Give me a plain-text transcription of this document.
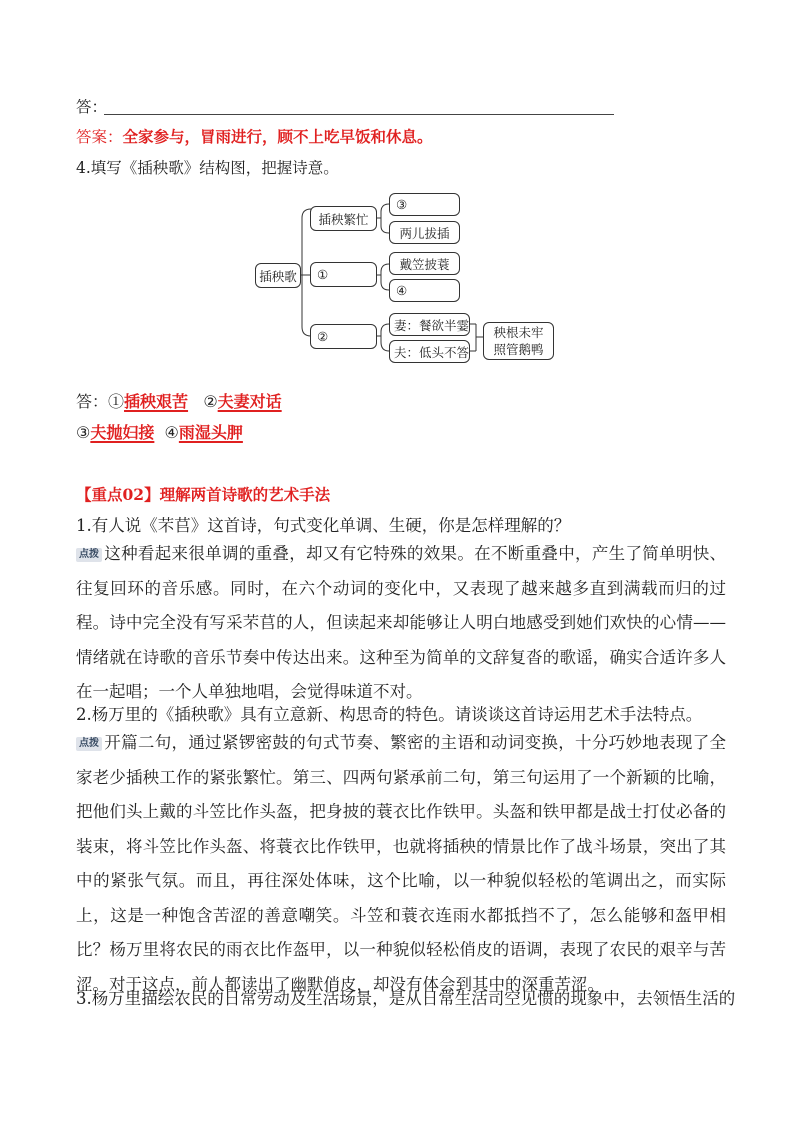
答：
答案：全家参与，冒雨进行，顾不上吃早饭和休息。
4.填写《插秧歌》结构图，把握诗意。
插秧歌
插秧繁忙
①
②
③
两儿拔插
戴笠披蓑
④
妻：餐欲半霎
夫：低头不答
秧根未牢
照管鹅鸭
答：①插秧艰苦 ②夫妻对话
③夫抛妇接 ④雨湿头胛
【重点02】理解两首诗歌的艺术手法
1.有人说《芣苢》这首诗，句式变化单调、生硬，你是怎样理解的？
点拨 这种看起来很单调的重叠，却又有它特殊的效果。在不断重叠中，产生了简单明快、往复回环的音乐感。同时，在六个动词的变化中，又表现了越来越多直到满载而归的过程。诗中完全没有写采芣苢的人，但读起来却能够让人明白地感受到她们欢快的心情——情绪就在诗歌的音乐节奏中传达出来。这种至为简单的文辞复沓的歌谣，确实合适许多人在一起唱；一个人单独地唱，会觉得味道不对。
2.杨万里的《插秧歌》具有立意新、构思奇的特色。请谈谈这首诗运用艺术手法特点。
点拨 开篇二句，通过紧锣密鼓的句式节奏、繁密的主语和动词变换，十分巧妙地表现了全家老少插秧工作的紧张繁忙。第三、四两句紧承前二句，第三句运用了一个新颖的比喻，把他们头上戴的斗笠比作头盔，把身披的蓑衣比作铁甲。头盔和铁甲都是战士打仗必备的装束，将斗笠比作头盔、将蓑衣比作铁甲，也就将插秧的情景比作了战斗场景，突出了其中的紧张气氛。而且，再往深处体味，这个比喻，以一种貌似轻松的笔调出之，而实际上，这是一种饱含苦涩的善意嘲笑。斗笠和蓑衣连雨水都抵挡不了，怎么能够和盔甲相比？杨万里将农民的雨衣比作盔甲，以一种貌似轻松俏皮的语调，表现了农民的艰辛与苦涩。对于这点，前人都读出了幽默俏皮，却没有体会到其中的深重苦涩。
3.杨万里描绘农民的日常劳动及生活场景，是从日常生活司空见惯的现象中，去领悟生活的
